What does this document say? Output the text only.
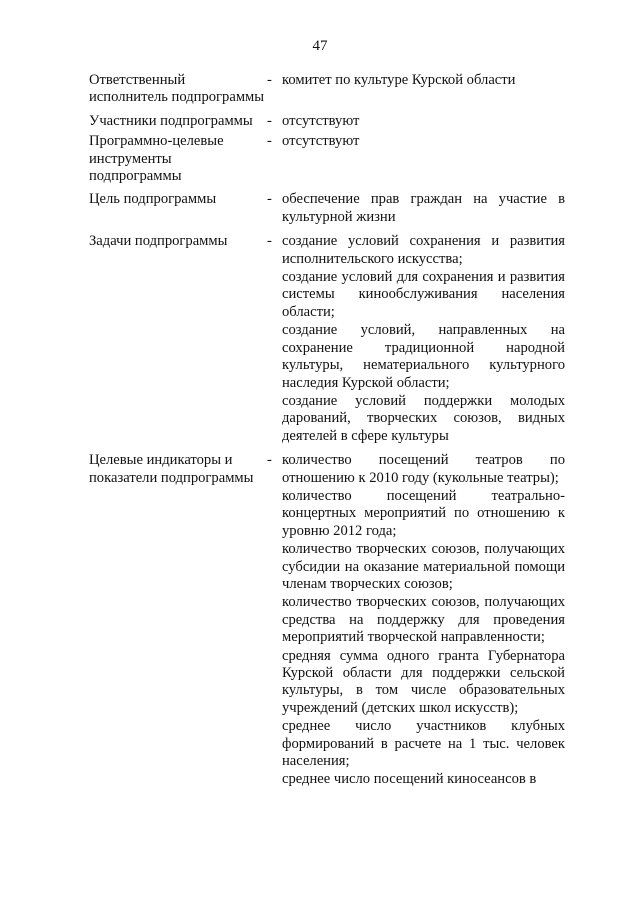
47
Ответственный исполнитель подпрограммы
- комитет по культуре Курской области
Участники подпрограммы - отсутствуют
Программно-целевые инструменты подпрограммы
- отсутствуют
Цель подпрограммы	- обеспечение прав граждан на участие в культурной жизни
Задачи подпрограммы	- создание условий сохранения и развития исполнительского искусства;
создание условий для сохранения и развития системы кинообслуживания населения области;
создание условий, направленных на сохранение традиционной народной культуры, нематериального культурного наследия Курской области;
создание условий поддержки молодых дарований, творческих союзов, видных деятелей в сфере культуры
Целевые индикаторы и показатели подпрограммы
- количество посещений театров по отношению к 2010 году (кукольные театры);
количество посещений театрально-концертных мероприятий по отношению к уровню 2012 года;
количество творческих союзов, получающих субсидии на оказание материальной помощи членам творческих союзов;
количество творческих союзов, получающих средства на поддержку для проведения мероприятий творческой направленности;
средняя сумма одного гранта Губернатора Курской области для поддержки сельской культуры, в том числе образовательных учреждений (детских школ искусств);
среднее число участников клубных формирований в расчете на 1 тыс. человек населения;
среднее число посещений киносеансов в
